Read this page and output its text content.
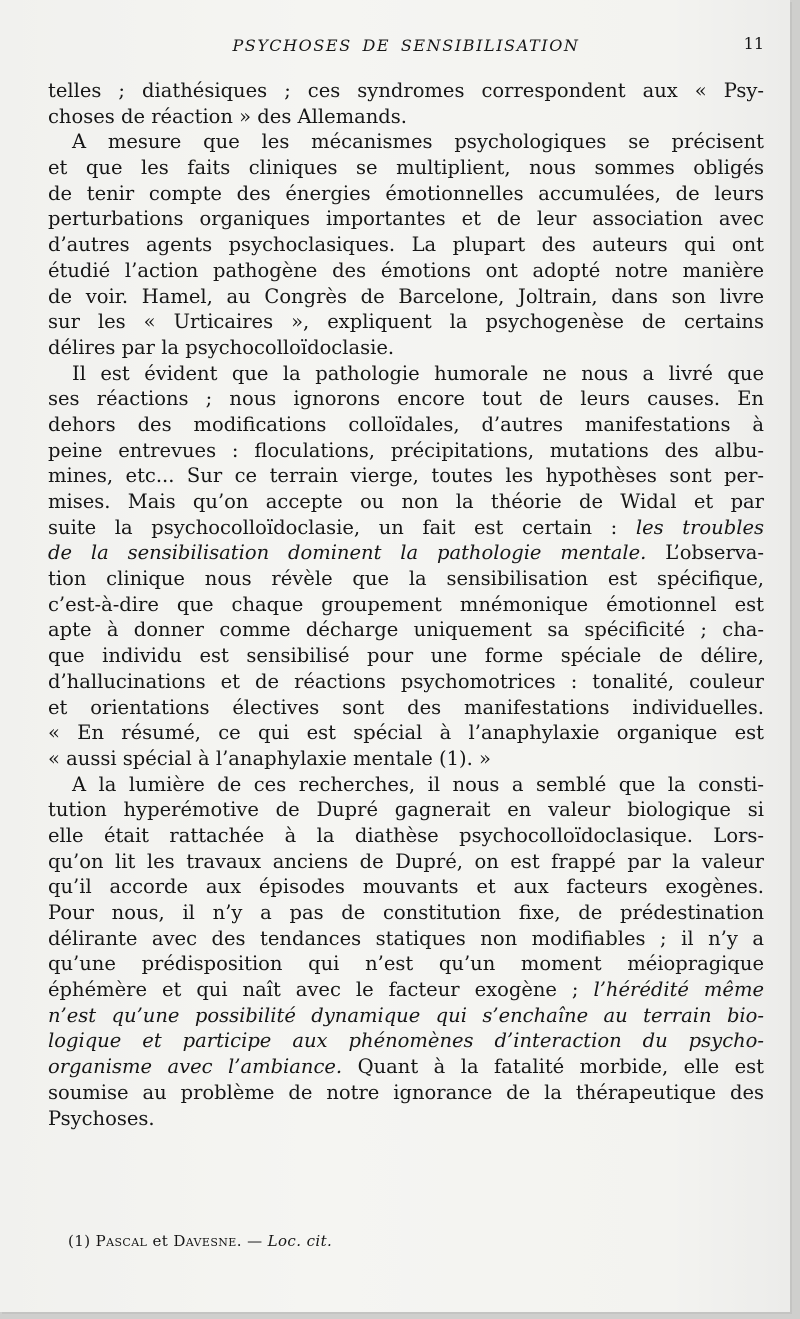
PSYCHOSES DE SENSIBILISATION	11
telles ; diathésiques ; ces syndromes correspondent aux « Psy-
choses de réaction » des Allemands.
A mesure que les mécanismes psychologiques se précisent
et que les faits cliniques se multiplient, nous sommes obligés
de tenir compte des énergies émotionnelles accumulées, de leurs
perturbations organiques importantes et de leur association avec
d’autres agents psychoclasiques. La plupart des auteurs qui ont
étudié l’action pathogène des émotions ont adopté notre manière
de voir. Hamel, au Congrès de Barcelone, Joltrain, dans son livre
sur les « Urticaires », expliquent la psychogenèse de certains
délires par la psychocolloïdoclasie.
Il est évident que la pathologie humorale ne nous a livré que
ses réactions ; nous ignorons encore tout de leurs causes. En
dehors des modifications colloïdales, d’autres manifestations à
peine entrevues : floculations, précipitations, mutations des albu-
mines, etc... Sur ce terrain vierge, toutes les hypothèses sont per-
mises. Mais qu’on accepte ou non la théorie de Widal et par
suite la psychocolloïdoclasie, un fait est certain : les troubles
de la sensibilisation dominent la pathologie mentale. L’observa-
tion clinique nous révèle que la sensibilisation est spécifique,
c’est-à-dire que chaque groupement mnémonique émotionnel est
apte à donner comme décharge uniquement sa spécificité ; cha-
que individu est sensibilisé pour une forme spéciale de délire,
d’hallucinations et de réactions psychomotrices : tonalité, couleur
et orientations électives sont des manifestations individuelles.
« En résumé, ce qui est spécial à l’anaphylaxie organique est
« aussi spécial à l’anaphylaxie mentale (1). »
A la lumière de ces recherches, il nous a semblé que la consti-
tution hyperémotive de Dupré gagnerait en valeur biologique si
elle était rattachée à la diathèse psychocolloïdoclasique. Lors-
qu’on lit les travaux anciens de Dupré, on est frappé par la valeur
qu’il accorde aux épisodes mouvants et aux facteurs exogènes.
Pour nous, il n’y a pas de constitution fixe, de prédestination
délirante avec des tendances statiques non modifiables ; il n’y a
qu’une prédisposition qui n’est qu’un moment méiopragique
éphémère et qui naît avec le facteur exogène ; l’hérédité même
n’est qu’une possibilité dynamique qui s’enchaîne au terrain bio-
logique et participe aux phénomènes d’interaction du psycho-
organisme avec l’ambiance. Quant à la fatalité morbide, elle est
soumise au problème de notre ignorance de la thérapeutique des
Psychoses.
(1) Pascal et Davesne. — Loc. cit.
